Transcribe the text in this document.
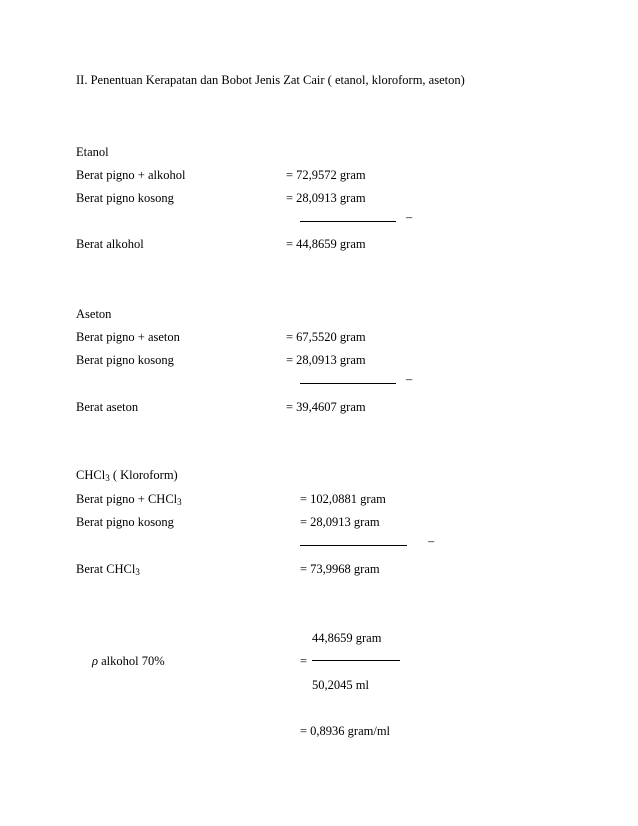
II. Penentuan Kerapatan dan Bobot Jenis Zat Cair ( etanol, kloroform, aseton)
Etanol
Berat pigno + alkohol	= 72,9572 gram
Berat pigno kosong	= 28,0913 gram
–
Berat alkohol	= 44,8659 gram
Aseton
Berat pigno + aseton	= 67,5520 gram
Berat pigno kosong	= 28,0913 gram
–
Berat aseton	= 39,4607 gram
CHCl$_3$ ( Kloroform)
Berat pigno + CHCl$_3$	= 102,0881 gram
Berat pigno kosong	= 28,0913 gram
–
Berat CHCl$_3$	= 73,9968 gram
44,8659 gram
ρ alkohol 70%	=
50,2045 ml
= 0,8936 gram/ml
